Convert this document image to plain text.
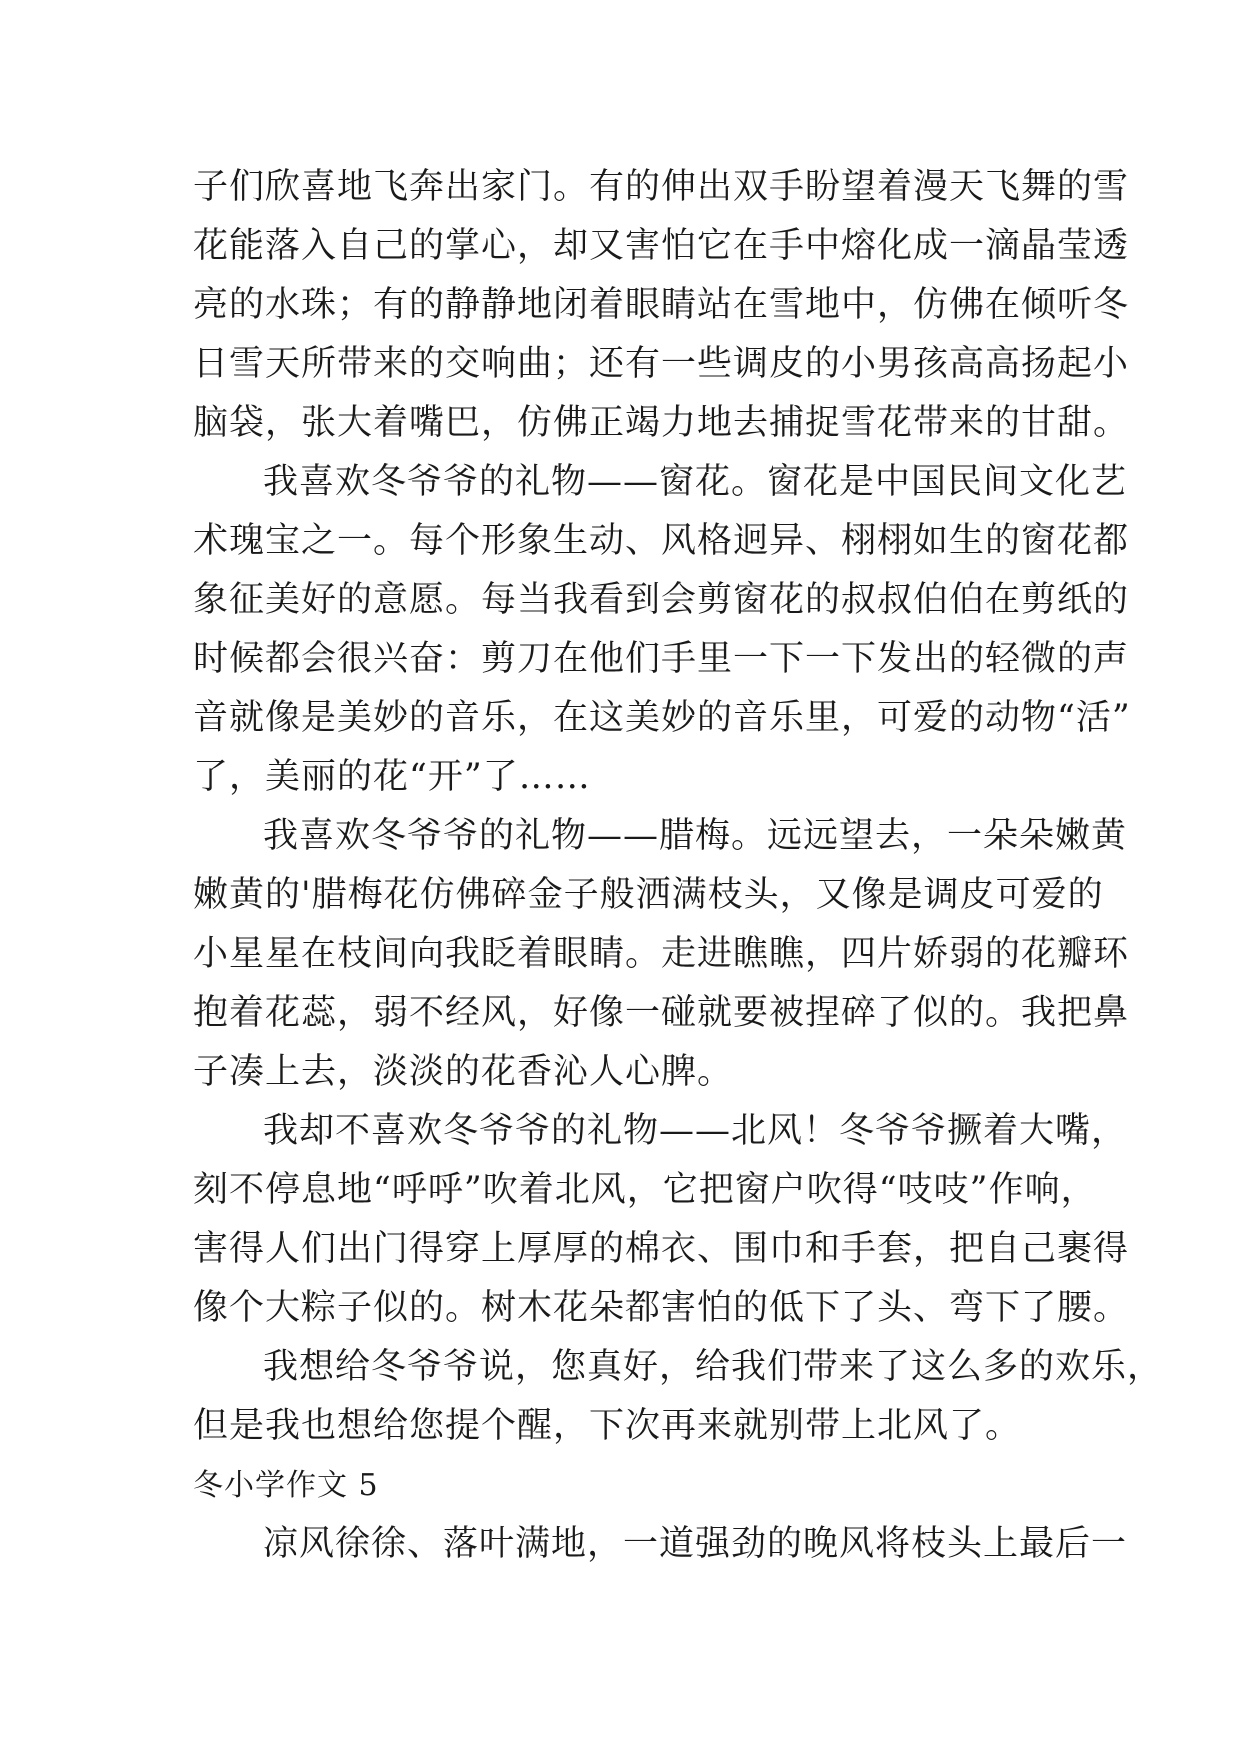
子们欣喜地飞奔出家门。有的伸出双手盼望着漫天飞舞的雪
花能落入自己的掌心，却又害怕它在手中熔化成一滴晶莹透
亮的水珠；有的静静地闭着眼睛站在雪地中，仿佛在倾听冬
日雪天所带来的交响曲；还有一些调皮的小男孩高高扬起小
脑袋，张大着嘴巴，仿佛正竭力地去捕捉雪花带来的甘甜。
我喜欢冬爷爷的礼物——窗花。窗花是中国民间文化艺
术瑰宝之一。每个形象生动、风格迥异、栩栩如生的窗花都
象征美好的意愿。每当我看到会剪窗花的叔叔伯伯在剪纸的
时候都会很兴奋：剪刀在他们手里一下一下发出的轻微的声
音就像是美妙的音乐，在这美妙的音乐里，可爱的动物“活”
了，美丽的花“开”了……
我喜欢冬爷爷的礼物——腊梅。远远望去，一朵朵嫩黄
嫩黄的'腊梅花仿佛碎金子般洒满枝头，又像是调皮可爱的
小星星在枝间向我眨着眼睛。走进瞧瞧，四片娇弱的花瓣环
抱着花蕊，弱不经风，好像一碰就要被捏碎了似的。我把鼻
子凑上去，淡淡的花香沁人心脾。
我却不喜欢冬爷爷的礼物——北风！冬爷爷撅着大嘴，
刻不停息地“呼呼”吹着北风，它把窗户吹得“吱吱”作响，
害得人们出门得穿上厚厚的棉衣、围巾和手套，把自己裹得
像个大粽子似的。树木花朵都害怕的低下了头、弯下了腰。
我想给冬爷爷说，您真好，给我们带来了这么多的欢乐，
但是我也想给您提个醒，下次再来就别带上北风了。
冬小学作文 5
凉风徐徐、落叶满地，一道强劲的晚风将枝头上最后一
